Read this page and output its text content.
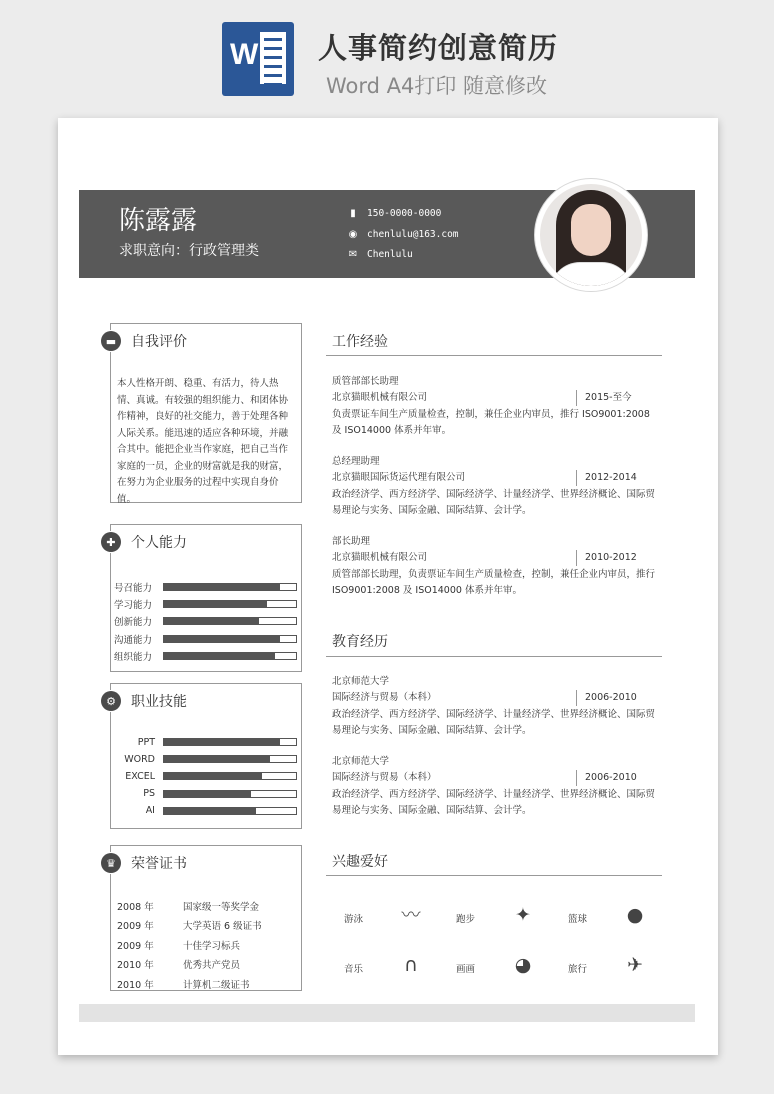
W 人事简约创意简历
Word A4打印 随意修改
陈露露
求职意向：行政管理类
▮ 150-0000-0000
◉ chenlulu@163.com
✉ Chenlulu
▬	自我评价
本人性格开朗、稳重、有活力，待人热情、真诚。有较强的组织能力、和团体协作精神，良好的社交能力，善于处理各种人际关系。能迅速的适应各种环境，并融合其中。能把企业当作家庭，把自己当作家庭的一员，企业的财富就是我的财富，在努力为企业服务的过程中实现自身价值。
✚	个人能力
号召能力
学习能力
创新能力
沟通能力
组织能力
⚙	职业技能
PPT
WORD
EXCEL
PS
AI
♛	荣誉证书
2008 年	国家级一等奖学金
2009 年	大学英语 6 级证书
2009 年	十佳学习标兵
2010 年	优秀共产党员
2010 年	计算机二级证书
工作经验
质管部部长助理
北京猫眼机械有限公司	2015-至今
负责票证车间生产质量检查，控制，兼任企业内审员，推行 ISO9001:2008 及 ISO14000 体系并年审。
总经理助理
北京猫眼国际货运代理有限公司	2012-2014
政治经济学、西方经济学、国际经济学、计量经济学、世界经济概论、国际贸易理论与实务、国际金融、国际结算、会计学。
部长助理
北京猫眼机械有限公司	2010-2012
质管部部长助理，负责票证车间生产质量检查，控制，兼任企业内审员，推行 ISO9001:2008 及 ISO14000 体系并年审。
教育经历
北京师范大学
国际经济与贸易（本科）	2006-2010
政治经济学、西方经济学、国际经济学、计量经济学、世界经济概论、国际贸易理论与实务、国际金融、国际结算、会计学。
北京师范大学
国际经济与贸易（本科）	2006-2010
政治经济学、西方经济学、国际经济学、计量经济学、世界经济概论、国际贸易理论与实务、国际金融、国际结算、会计学。
兴趣爱好
游泳 〰	跑步 ✦	篮球 ●
音乐 ∩	画画 ◕	旅行 ✈
